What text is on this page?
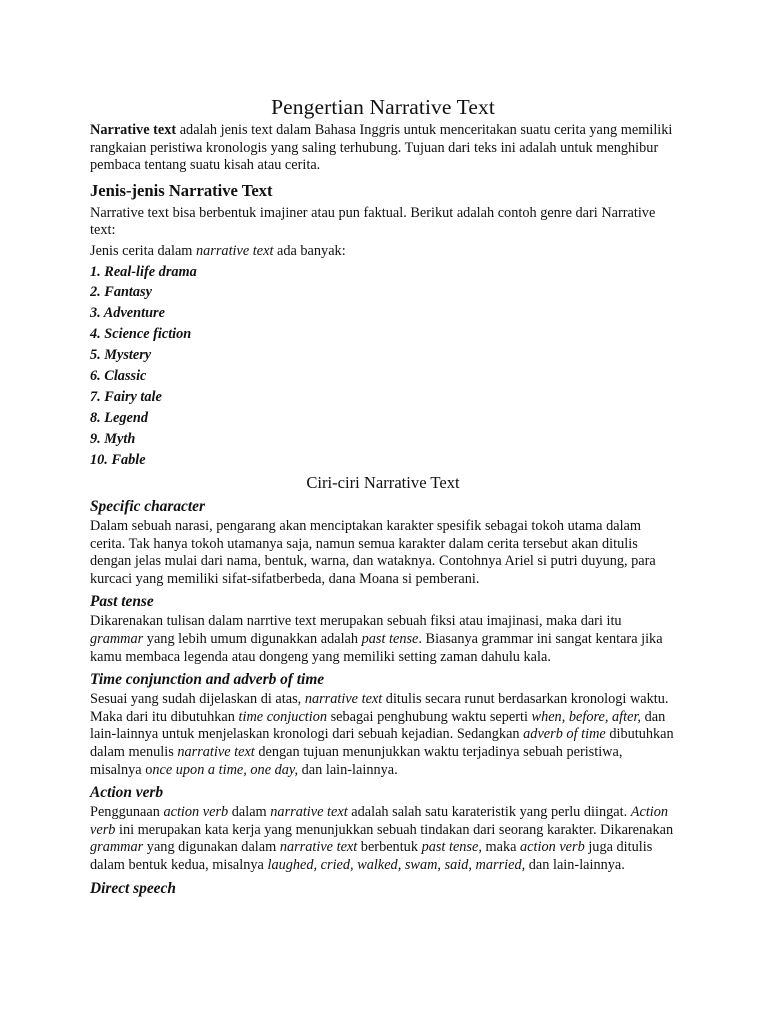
Pengertian Narrative Text

Narrative text adalah jenis text dalam Bahasa Inggris untuk menceritakan suatu cerita yang memiliki rangkaian peristiwa kronologis yang saling terhubung. Tujuan dari teks ini adalah untuk menghibur pembaca tentang suatu kisah atau cerita.

Jenis-jenis Narrative Text

Narrative text bisa berbentuk imajiner atau pun faktual. Berikut adalah contoh genre dari Narrative text:

Jenis cerita dalam narrative text ada banyak:

1. Real-life drama
2. Fantasy
3. Adventure
4. Science fiction
5. Mystery
6. Classic
7. Fairy tale
8. Legend
9. Myth
10. Fable
Ciri-ciri Narrative Text
Specific character

Dalam sebuah narasi, pengarang akan menciptakan karakter spesifik sebagai tokoh utama dalam cerita. Tak hanya tokoh utamanya saja, namun semua karakter dalam cerita tersebut akan ditulis dengan jelas mulai dari nama, bentuk, warna, dan wataknya. Contohnya Ariel si putri duyung, para kurcaci yang memiliki sifat-sifatberbeda, dana Moana si pemberani.

Past tense

Dikarenakan tulisan dalam narrtive text merupakan sebuah fiksi atau imajinasi, maka dari itu grammar yang lebih umum digunakkan adalah past tense. Biasanya grammar ini sangat kentara jika kamu membaca legenda atau dongeng yang memiliki setting zaman dahulu kala.

Time conjunction and adverb of time

Sesuai yang sudah dijelaskan di atas, narrative text ditulis secara runut berdasarkan kronologi waktu. Maka dari itu dibutuhkan time conjuction sebagai penghubung waktu seperti when, before, after, dan lain-lainnya untuk menjelaskan kronologi dari sebuah kejadian. Sedangkan adverb of time dibutuhkan dalam menulis narrative text dengan tujuan menunjukkan waktu terjadinya sebuah peristiwa, misalnya once upon a time, one day, dan lain-lainnya.

Action verb

Penggunaan action verb dalam narrative text adalah salah satu karateristik yang perlu diingat. Action verb ini merupakan kata kerja yang menunjukkan sebuah tindakan dari seorang karakter. Dikarenakan grammar yang digunakan dalam narrative text berbentuk past tense, maka action verb juga ditulis dalam bentuk kedua, misalnya laughed, cried, walked, swam, said, married, dan lain-lainnya.

Direct speech
